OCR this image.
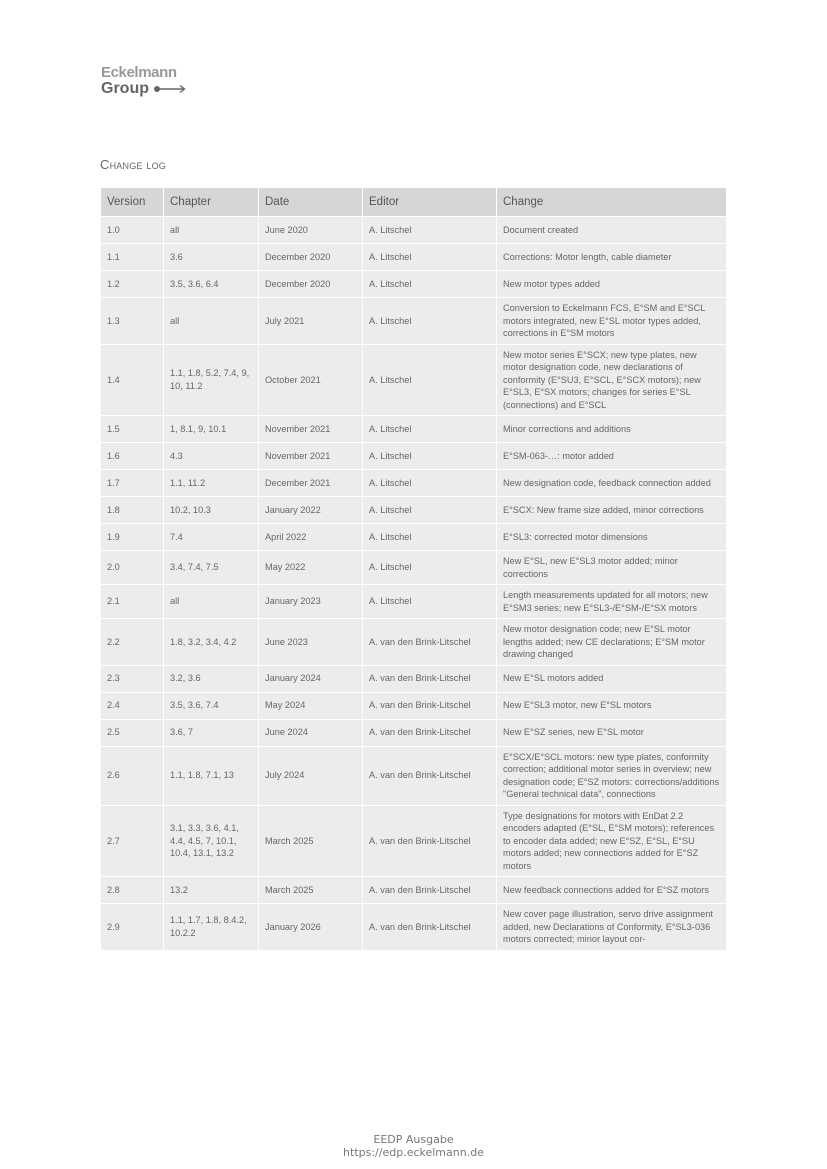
Eckelmann
Group
Change log
Version	Chapter	Date	Editor	Change
1.0	all	June 2020	A. Litschel	Document created
1.1	3.6	December 2020	A. Litschel	Corrections: Motor length, cable diameter
1.2	3.5, 3.6, 6.4	December 2020	A. Litschel	New motor types added
1.3	all	July 2021	A. Litschel	Conversion to Eckelmann FCS, E°SM and E°SCL motors integrated, new E°SL motor types added, corrections in E°SM motors
1.4	1.1, 1.8, 5.2, 7.4, 9, 10, 11.2	October 2021	A. Litschel	New motor series E°SCX; new type plates, new motor designation code, new declarations of conformity (E°SU3, E°SCL, E°SCX motors); new E°SL3, E°SX motors; changes for series E°SL (connections) and E°SCL
1.5	1, 8.1, 9, 10.1	November 2021	A. Litschel	Minor corrections and additions
1.6	4.3	November 2021	A. Litschel	E°SM-063-…: motor added
1.7	1.1, 11.2	December 2021	A. Litschel	New designation code, feedback connection added
1.8	10.2, 10.3	January 2022	A. Litschel	E°SCX: New frame size added, minor corrections
1.9	7.4	April 2022	A. Litschel	E°SL3: corrected motor dimensions
2.0	3.4, 7.4, 7.5	May 2022	A. Litschel	New E°SL, new E°SL3 motor added; minor corrections
2.1	all	January 2023	A. Litschel	Length measurements updated for all motors; new E°SM3 series; new E°SL3-/E°SM-/E°SX motors
2.2	1.8, 3.2, 3.4, 4.2	June 2023	A. van den Brink-Litschel	New motor designation code; new E°SL motor lengths added; new CE declarations; E°SM motor drawing changed
2.3	3.2, 3.6	January 2024	A. van den Brink-Litschel	New E°SL motors added
2.4	3.5, 3.6, 7.4	May 2024	A. van den Brink-Litschel	New E°SL3 motor, new E°SL motors
2.5	3.6, 7	June 2024	A. van den Brink-Litschel	New E°SZ series, new E°SL motor
2.6	1.1, 1.8, 7.1, 13	July 2024	A. van den Brink-Litschel	E°SCX/E°SCL motors: new type plates, conformity correction; additional motor series in overview; new designation code; E°SZ motors: corrections/additions "General technical data", connections
2.7	3.1, 3.3, 3.6, 4.1, 4.4, 4.5, 7, 10.1, 10.4, 13.1, 13.2	March 2025	A. van den Brink-Litschel	Type designations for motors with EnDat 2.2 encoders adapted (E°SL, E°SM motors); references to encoder data added; new E°SZ, E°SL, E°SU motors added; new connections added for E°SZ motors
2.8	13.2	March 2025	A. van den Brink-Litschel	New feedback connections added for E°SZ motors
2.9	1.1, 1.7, 1.8, 8.4.2, 10.2.2	January 2026	A. van den Brink-Litschel	New cover page illustration, servo drive assignment added, new Declarations of Conformity, E°SL3-036 motors corrected; minor layout cor-
EEDP Ausgabe
https://edp.eckelmann.de
